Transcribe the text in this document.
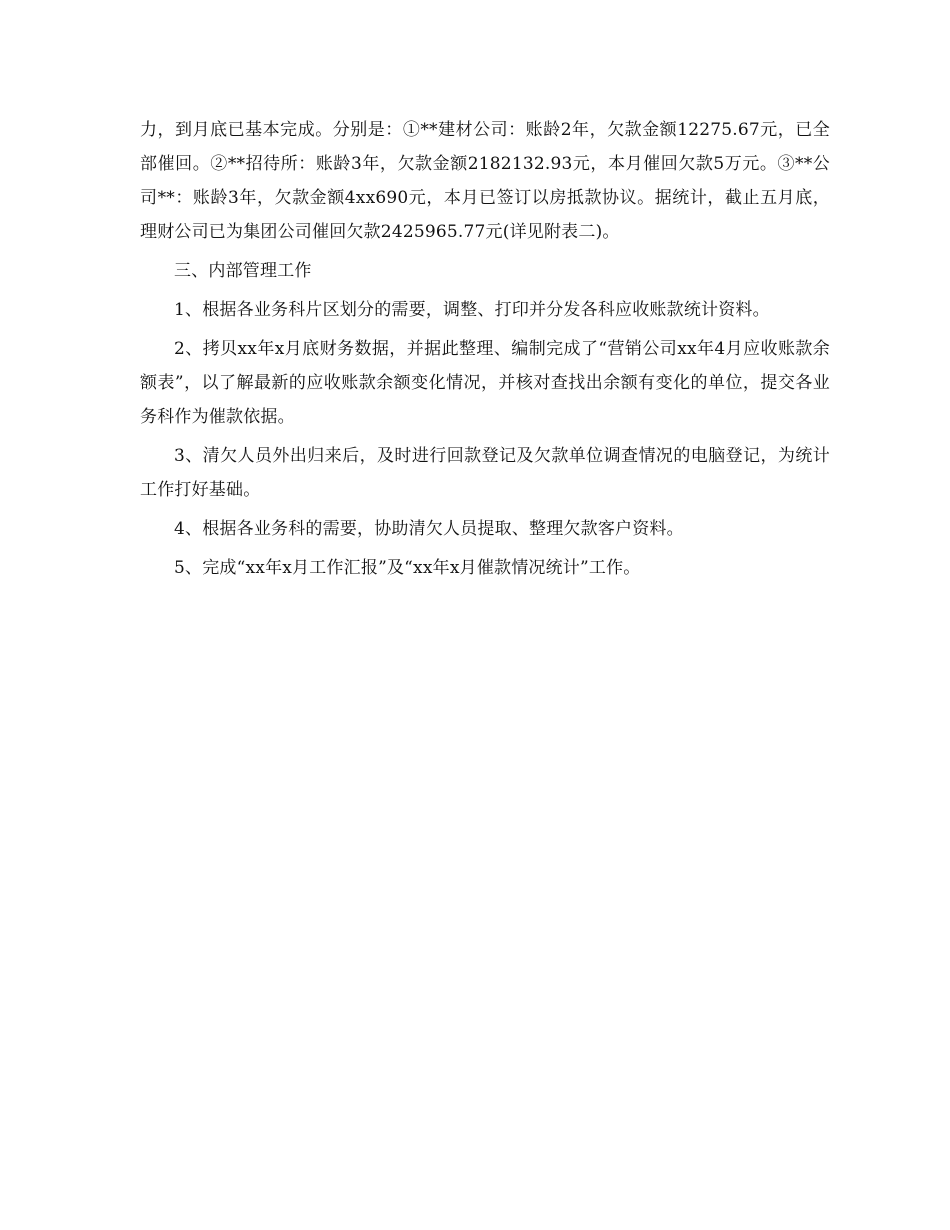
力，到月底已基本完成。分别是：①**建材公司：账龄2年，欠款金额12275.67元，已全部催回。②**招待所：账龄3年，欠款金额2182132.93元，本月催回欠款5万元。③**公司**：账龄3年，欠款金额4xx690元，本月已签订以房抵款协议。据统计，截止五月底，理财公司已为集团公司催回欠款2425965.77元(详见附表二)。

三、内部管理工作

1、根据各业务科片区划分的需要，调整、打印并分发各科应收账款统计资料。

2、拷贝xx年x月底财务数据，并据此整理、编制完成了“营销公司xx年4月应收账款余额表”，以了解最新的应收账款余额变化情况，并核对查找出余额有变化的单位，提交各业务科作为催款依据。

3、清欠人员外出归来后，及时进行回款登记及欠款单位调查情况的电脑登记，为统计工作打好基础。

4、根据各业务科的需要，协助清欠人员提取、整理欠款客户资料。

5、完成“xx年x月工作汇报”及“xx年x月催款情况统计”工作。
